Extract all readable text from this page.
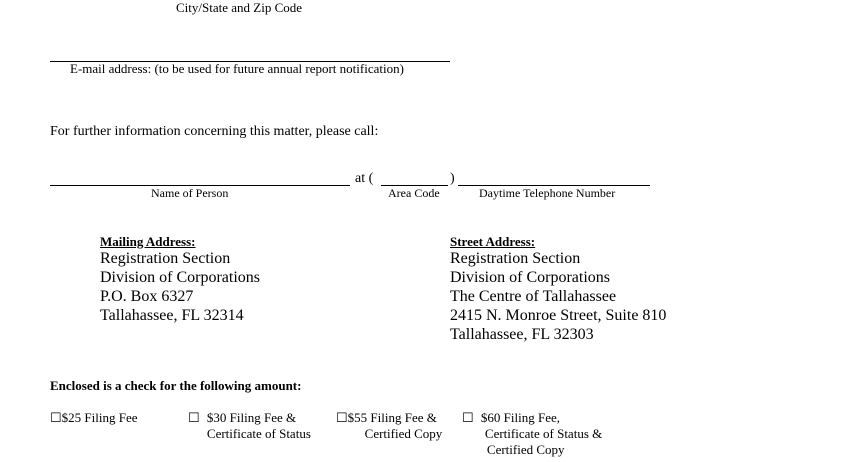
City/State and Zip Code
E-mail address: (to be used for future annual report notification)
For further information concerning this matter, please call:
at (	)
Name of Person	Area Code	Daytime Telephone Number
Mailing Address:
Registration Section
Division of Corporations
P.O. Box 6327
Tallahassee, FL 32314
Street Address:
Registration Section
Division of Corporations
The Centre of Tallahassee
2415 N. Monroe Street, Suite 810
Tallahassee, FL 32303
Enclosed is a check for the following amount:
☐$25 Filing Fee	☐ $30 Filing Fee &
Certificate of Status
☐ $55 Filing Fee &
Certified Copy
☐ $60 Filing Fee,
Certificate of Status &
Certified Copy
